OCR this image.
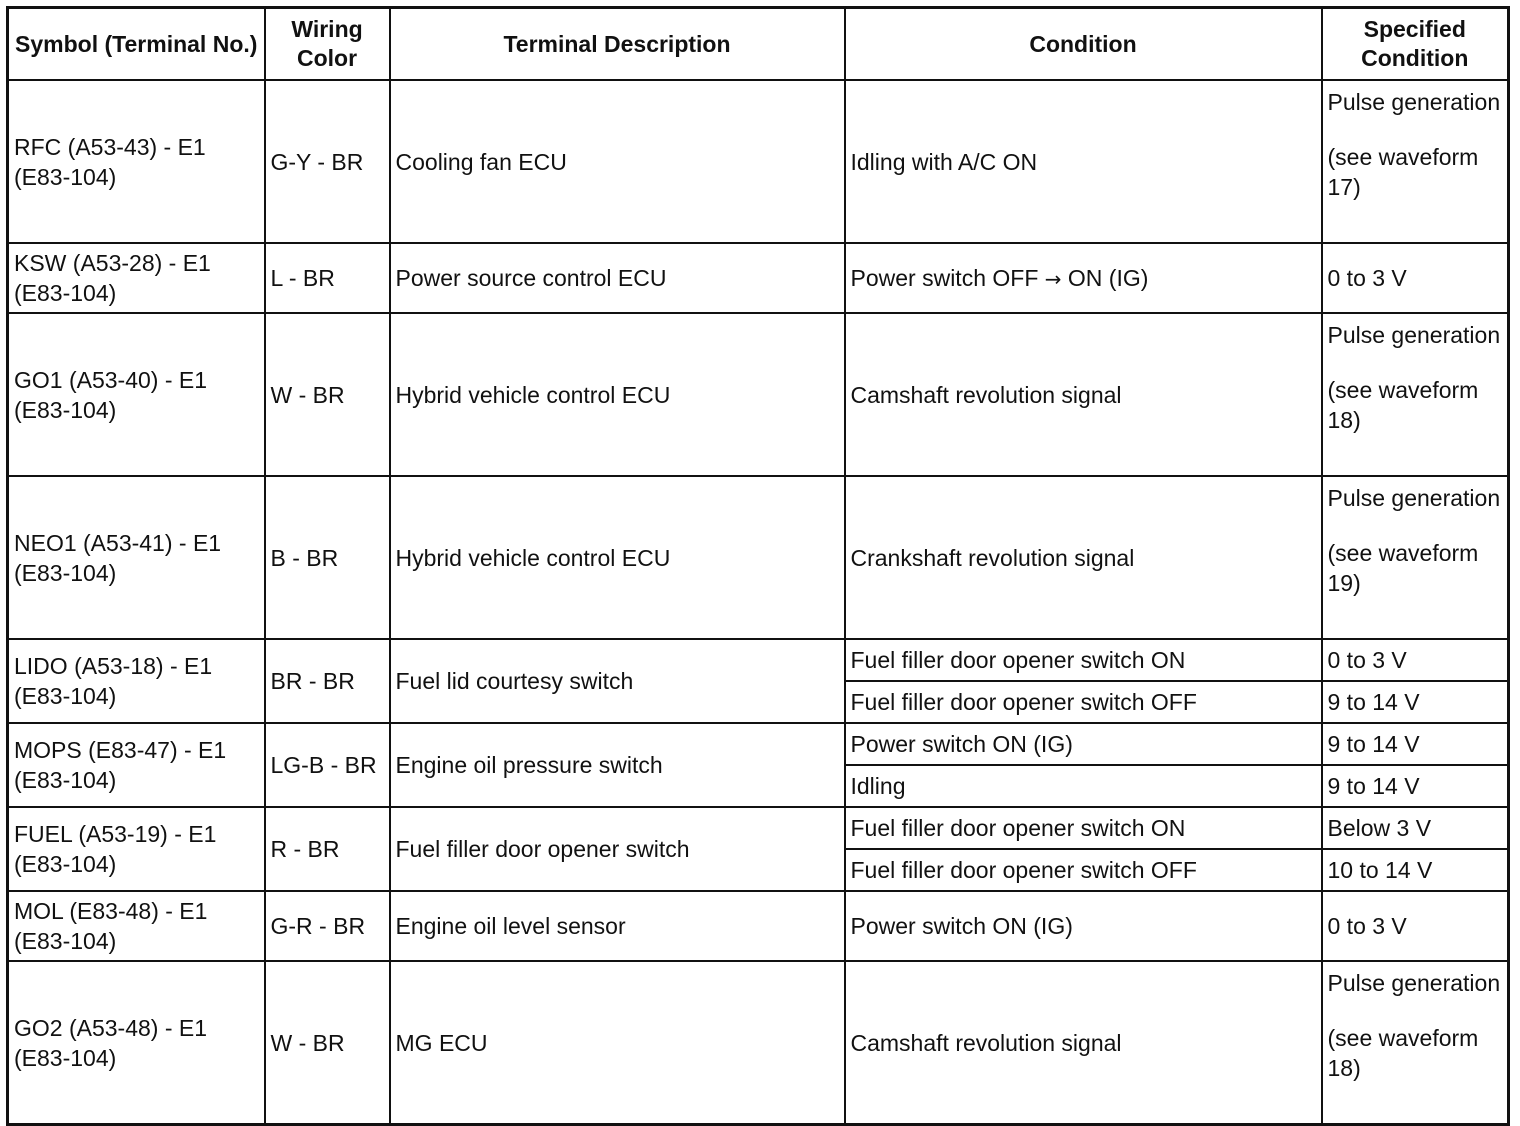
Symbol (Terminal No.)	Wiring Color	Terminal Description	Condition	Specified Condition
RFC (A53-43) - E1 (E83-104)	G-Y - BR	Cooling fan ECU	Idling with A/C ON	Pulse generation
(see waveform 17)
KSW (A53-28) - E1 (E83-104)	L - BR	Power source control ECU	Power switch OFF → ON (IG)	0 to 3 V
GO1 (A53-40) - E1 (E83-104)	W - BR	Hybrid vehicle control ECU	Camshaft revolution signal	Pulse generation
(see waveform 18)
NEO1 (A53-41) - E1 (E83-104)	B - BR	Hybrid vehicle control ECU	Crankshaft revolution signal	Pulse generation
(see waveform 19)
LIDO (A53-18) - E1 (E83-104)	BR - BR	Fuel lid courtesy switch	Fuel filler door opener switch ON	0 to 3 V
			Fuel filler door opener switch OFF	9 to 14 V
MOPS (E83-47) - E1 (E83-104)	LG-B - BR	Engine oil pressure switch	Power switch ON (IG)	9 to 14 V
			Idling	9 to 14 V
FUEL (A53-19) - E1 (E83-104)	R - BR	Fuel filler door opener switch	Fuel filler door opener switch ON	Below 3 V
			Fuel filler door opener switch OFF	10 to 14 V
MOL (E83-48) - E1 (E83-104)	G-R - BR	Engine oil level sensor	Power switch ON (IG)	0 to 3 V
GO2 (A53-48) - E1 (E83-104)	W - BR	MG ECU	Camshaft revolution signal	Pulse generation
(see waveform 18)
